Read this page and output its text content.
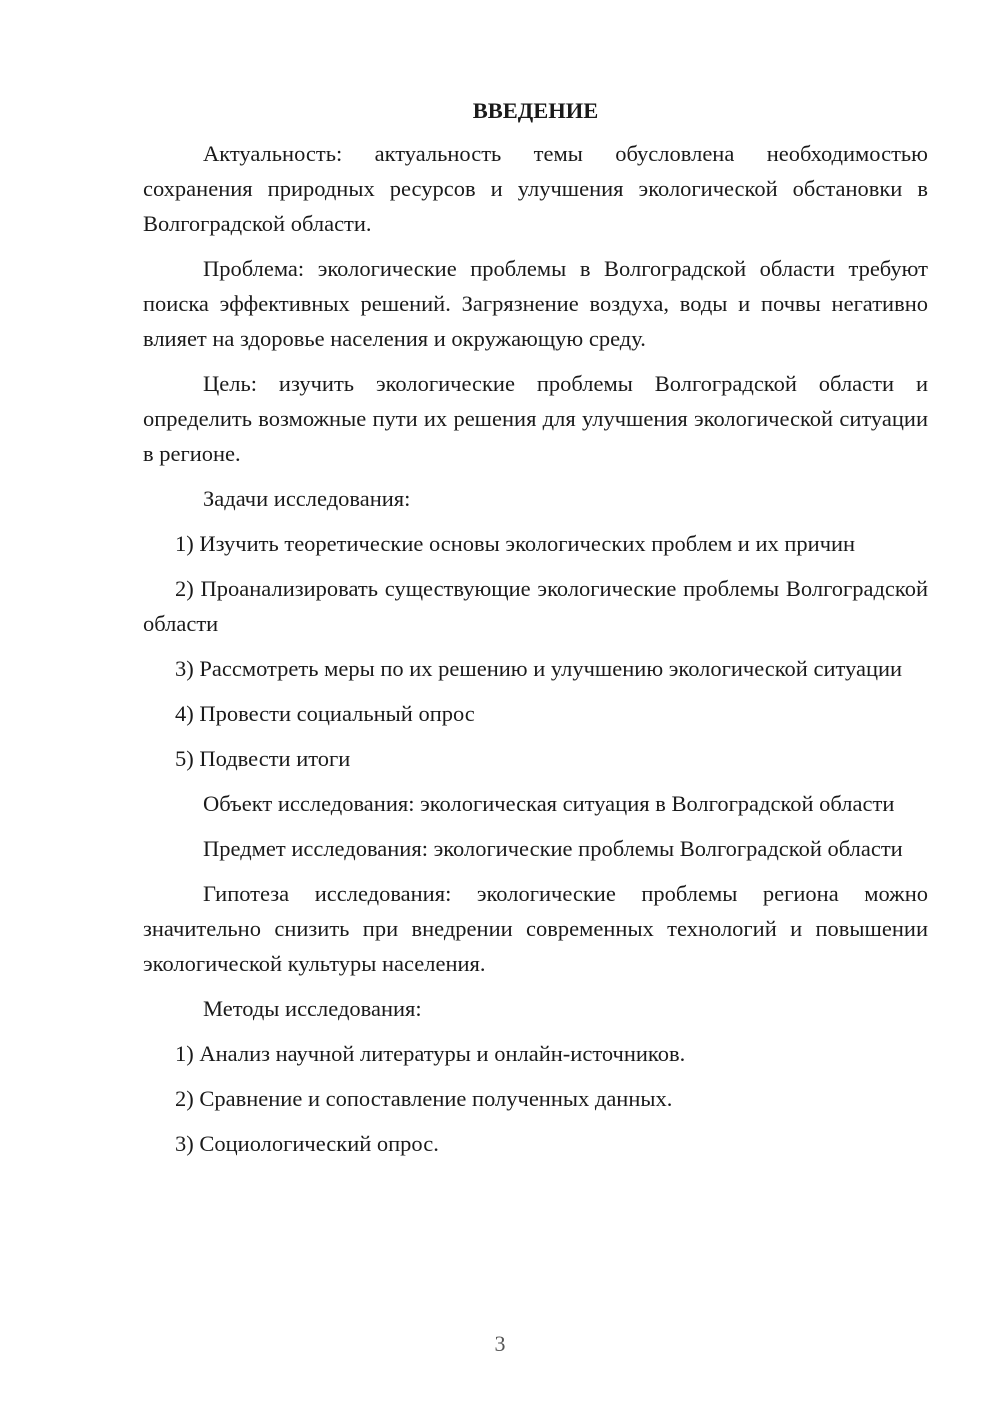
ВВЕДЕНИЕ

Актуальность: актуальность темы обусловлена необходимостью сохранения природных ресурсов и улучшения экологической обстановки в Волгоградской области.

Проблема: экологические проблемы в Волгоградской области требуют поиска эффективных решений. Загрязнение воздуха, воды и почвы негативно влияет на здоровье населения и окружающую среду.

Цель: изучить экологические проблемы Волгоградской области и определить возможные пути их решения для улучшения экологической ситуации в регионе.

Задачи исследования:

1) Изучить теоретические основы экологических проблем и их причин

2) Проанализировать существующие экологические проблемы Волгоградской области

3) Рассмотреть меры по их решению и улучшению экологической ситуации

4) Провести социальный опрос

5) Подвести итоги

Объект исследования: экологическая ситуация в Волгоградской области

Предмет исследования: экологические проблемы Волгоградской области

Гипотеза исследования: экологические проблемы региона можно значительно снизить при внедрении современных технологий и повышении экологической культуры населения.

Методы исследования:

1) Анализ научной литературы и онлайн-источников.

2) Сравнение и сопоставление полученных данных.

3) Социологический опрос.

3
